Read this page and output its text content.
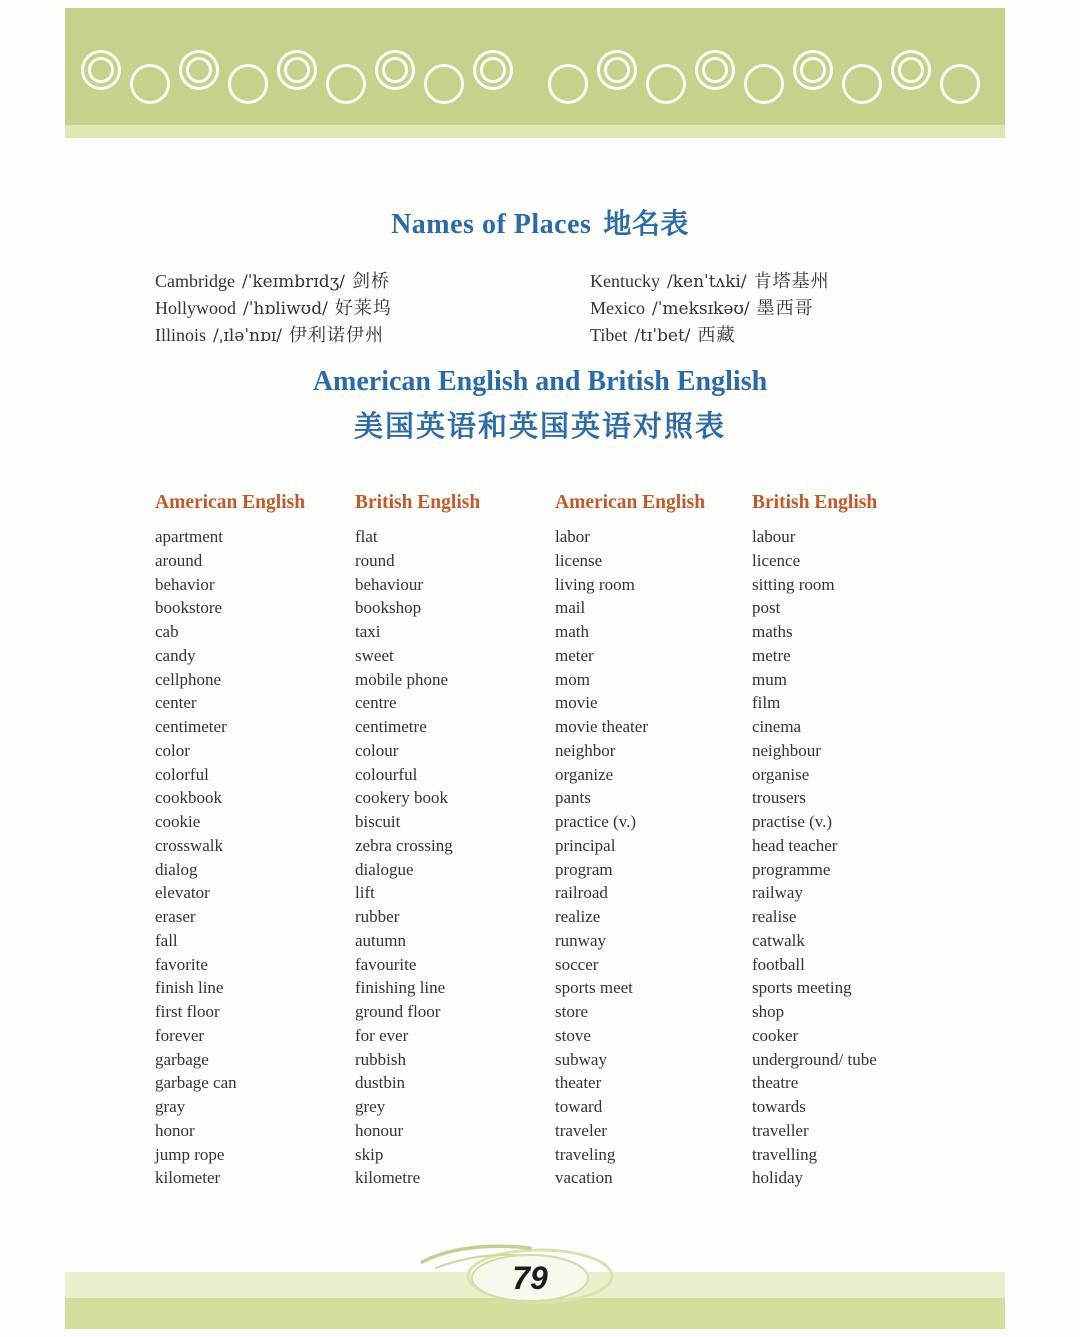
Names of Places 地名表
Cambridge /ˈkeɪmbrɪdʒ/ 剑桥
Hollywood /ˈhɒliwʊd/ 好莱坞
Illinois /ˌɪləˈnɒɪ/ 伊利诺伊州
Kentucky /kenˈtʌki/ 肯塔基州
Mexico /ˈmeksɪkəʊ/ 墨西哥
Tibet /tɪˈbet/ 西藏
American English and British English
美国英语和英国英语对照表
American English	British English	American English	British English
apartment	flat	labor	labour
around	round	license	licence
behavior	behaviour	living room	sitting room
bookstore	bookshop	mail	post
cab	taxi	math	maths
candy	sweet	meter	metre
cellphone	mobile phone	mom	mum
center	centre	movie	film
centimeter	centimetre	movie theater	cinema
color	colour	neighbor	neighbour
colorful	colourful	organize	organise
cookbook	cookery book	pants	trousers
cookie	biscuit	practice (v.)	practise (v.)
crosswalk	zebra crossing	principal	head teacher
dialog	dialogue	program	programme
elevator	lift	railroad	railway
eraser	rubber	realize	realise
fall	autumn	runway	catwalk
favorite	favourite	soccer	football
finish line	finishing line	sports meet	sports meeting
first floor	ground floor	store	shop
forever	for ever	stove	cooker
garbage	rubbish	subway	underground/ tube
garbage can	dustbin	theater	theatre
gray	grey	toward	towards
honor	honour	traveler	traveller
jump rope	skip	traveling	travelling
kilometer	kilometre	vacation	holiday
79
